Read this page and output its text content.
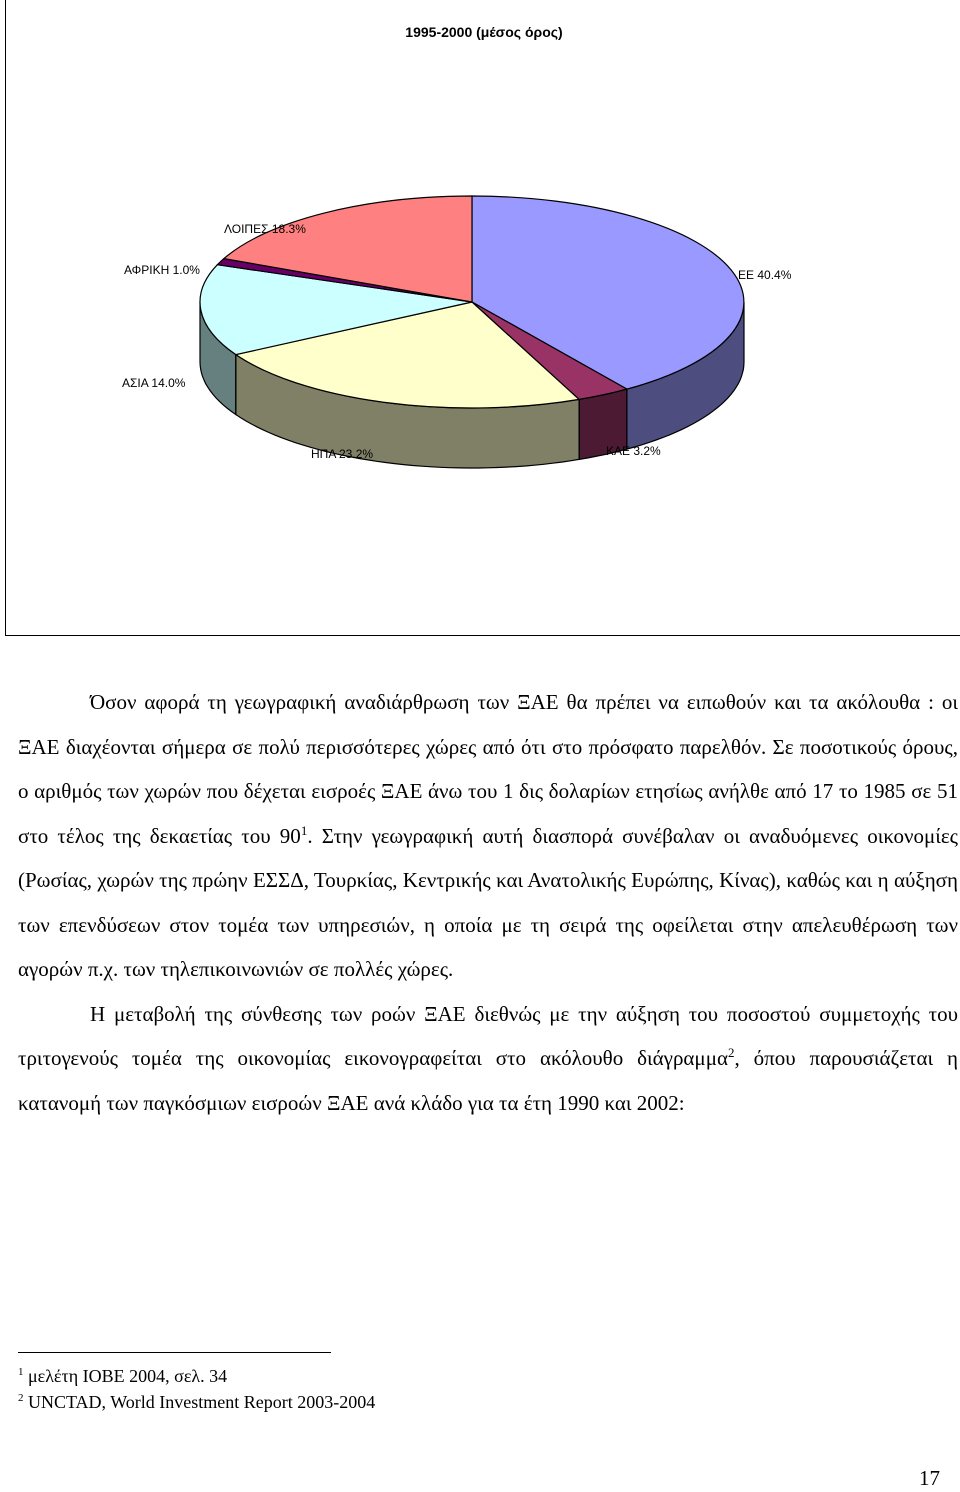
1995-2000 (μέσος όρος)
ΛΟΙΠΕΣ 18.3%
ΑΦΡΙΚΗ 1.0%	ΕΕ 40.4%
ΑΣΙΑ 14.0%
ΗΠΑ 23.2%	ΚΑΕ 3.2%

Όσον αφορά τη γεωγραφική αναδιάρθρωση των ΞΑΕ θα πρέπει να ειπωθούν και τα ακόλουθα : οι ΞΑΕ διαχέονται σήμερα σε πολύ περισσότερες χώρες από ότι στο πρόσφατο παρελθόν. Σε ποσοτικούς όρους, ο αριθμός των χωρών που δέχεται εισροές ΞΑΕ άνω του 1 δις δολαρίων ετησίως ανήλθε από 17 το 1985 σε 51 στο τέλος της δεκαετίας του $90^1$. Στην γεωγραφική αυτή διασπορά συνέβαλαν οι αναδυόμενες οικονομίες (Ρωσίας, χωρών της πρώην ΕΣΣΔ, Τουρκίας, Κεντρικής και Ανατολικής Ευρώπης, Κίνας), καθώς και η αύξηση των επενδύσεων στον τομέα των υπηρεσιών, η οποία με τη σειρά της οφείλεται στην απελευθέρωση των αγορών π.χ. των τηλεπικοινωνιών σε πολλές χώρες.

Η μεταβολή της σύνθεσης των ροών ΞΑΕ διεθνώς με την αύξηση του ποσοστού συμμετοχής του τριτογενούς τομέα της οικονομίας εικονογραφείται στο ακόλουθο διάγραμμα$^2$, όπου παρουσιάζεται η κατανομή των παγκόσμιων εισροών ΞΑΕ ανά κλάδο για τα έτη 1990 και 2002:

$^1$ μελέτη ΙΟΒΕ 2004, σελ. 34
$^2$ UNCTAD, World Investment Report 2003-2004
17
